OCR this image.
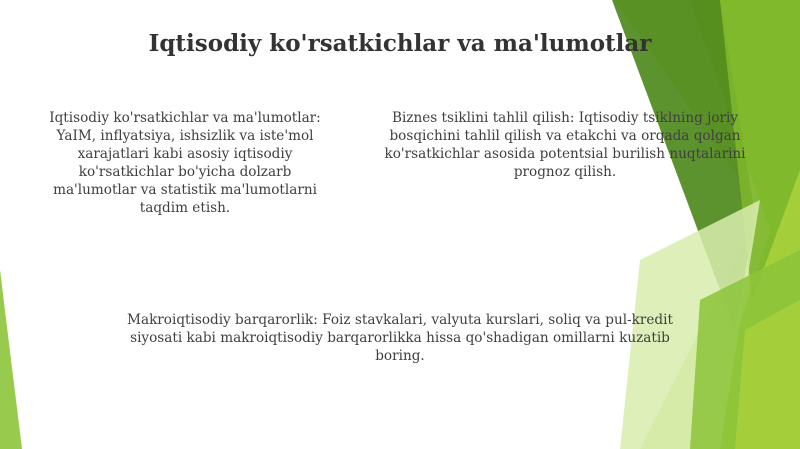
Iqtisodiy ko'rsatkichlar va ma'lumotlar

Iqtisodiy ko'rsatkichlar va ma'lumotlar: YaIM, inflyatsiya, ishsizlik va iste'mol xarajatlari kabi asosiy iqtisodiy ko'rsatkichlar bo'yicha dolzarb ma'lumotlar va statistik ma'lumotlarni taqdim etish.

Biznes tsiklini tahlil qilish: Iqtisodiy tsiklning joriy bosqichini tahlil qilish va etakchi va orqada qolgan ko'rsatkichlar asosida potentsial burilish nuqtalarini prognoz qilish.

Makroiqtisodiy barqarorlik: Foiz stavkalari, valyuta kurslari, soliq va pul-kredit siyosati kabi makroiqtisodiy barqarorlikka hissa qo'shadigan omillarni kuzatib boring.
